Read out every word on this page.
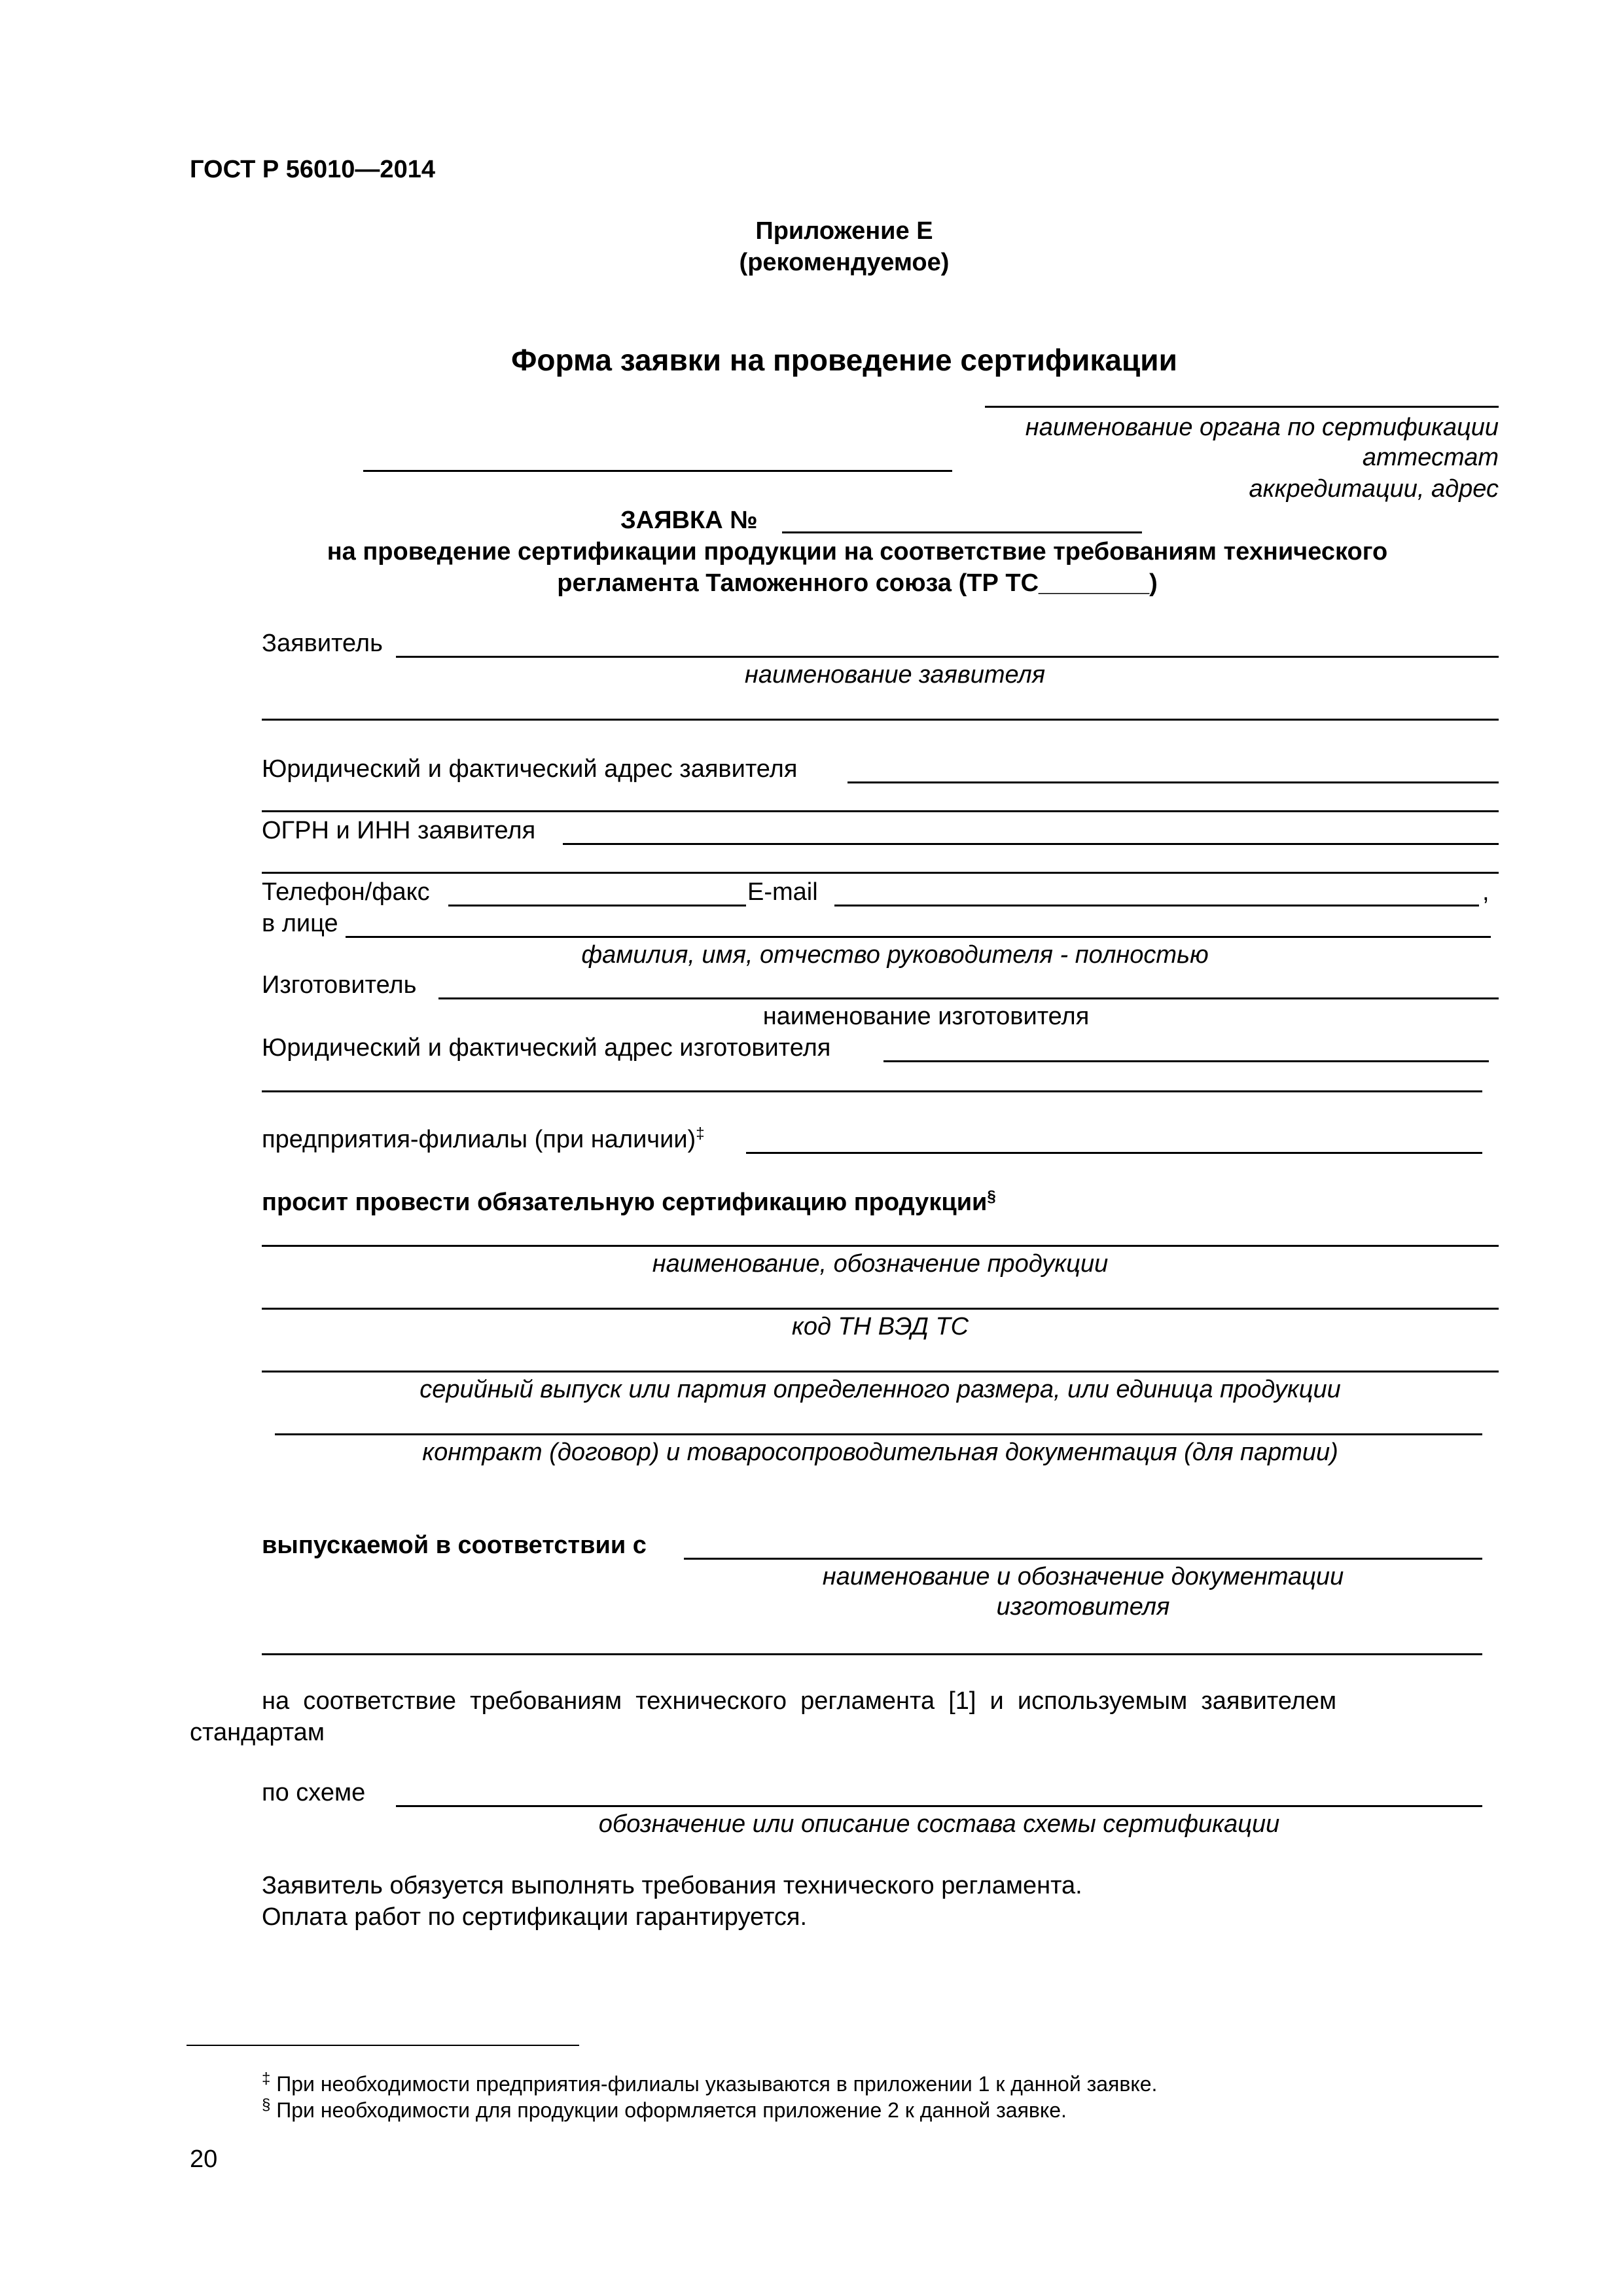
ГОСТ Р 56010—2014
Приложение Е
(рекомендуемое)
Форма заявки на проведение сертификации
наименование органа по сертификации
аттестат
аккредитации, адрес
ЗАЯВКА №
на проведение сертификации продукции на соответствие требованиям технического
регламента Таможенного союза (ТР ТС________)
Заявитель
наименование заявителя
Юридический и фактический адрес заявителя
ОГРН и ИНН заявителя
Телефон/факс	E-mail	,
в лице
фамилия, имя, отчество руководителя - полностью
Изготовитель
наименование изготовителя
Юридический и фактический адрес изготовителя
предприятия-филиалы (при наличии)‡
просит провести обязательную сертификацию продукции§
наименование, обозначение продукции
код ТН ВЭД ТС
серийный выпуск или партия определенного размера, или единица продукции
контракт (договор) и товаросопроводительная документация (для партии)
выпускаемой в соответствии с
наименование и обозначение документации
изготовителя
на  соответствие  требованиям  технического  регламента  [1]  и  используемым  заявителем
стандартам
по схеме
обозначение или описание состава схемы сертификации
Заявитель обязуется выполнять требования технического регламента.
Оплата работ по сертификации гарантируется.
‡ При необходимости предприятия-филиалы указываются в приложении 1 к данной заявке.
§ При необходимости для продукции оформляется приложение 2 к данной заявке.
20
